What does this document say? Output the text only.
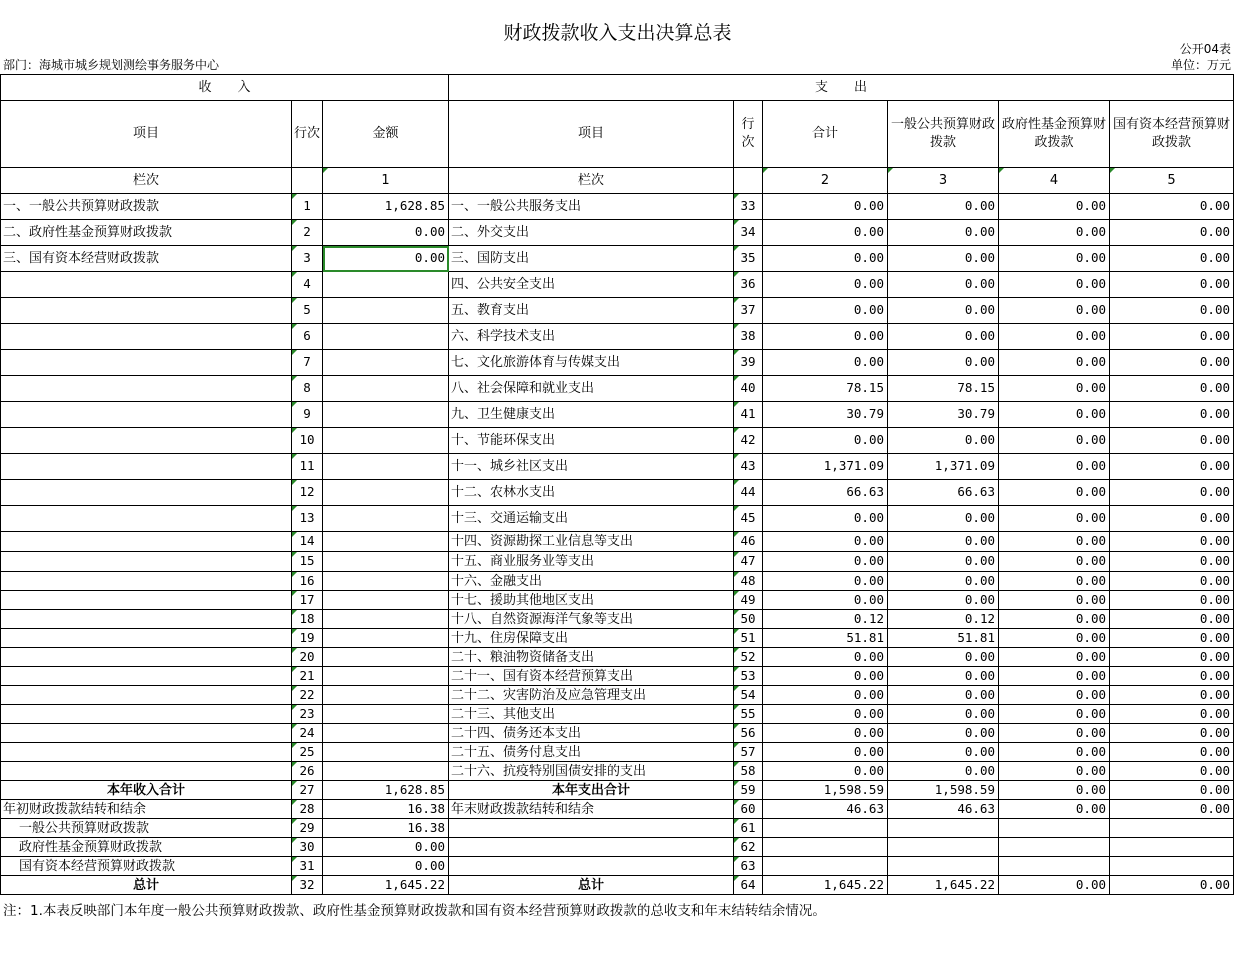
财政拨款收入支出决算总表
部门：海城市城乡规划测绘事务服务中心
公开04表
单位：万元
收　　入			支　　出					
项目	行次	金额	项目	行次	合计	一般公共预算财政拨款	政府性基金预算财政拨款	国有资本经营预算财政拨款
栏次		1	栏次		2	3	4	5
一、一般公共预算财政拨款	1	1,628.85	一、一般公共服务支出	33	0.00	0.00	0.00	0.00
二、政府性基金预算财政拨款	2	0.00	二、外交支出	34	0.00	0.00	0.00	0.00
三、国有资本经营财政拨款	3	0.00	三、国防支出	35	0.00	0.00	0.00	0.00
	4		四、公共安全支出	36	0.00	0.00	0.00	0.00
	5		五、教育支出	37	0.00	0.00	0.00	0.00
	6		六、科学技术支出	38	0.00	0.00	0.00	0.00
	7		七、文化旅游体育与传媒支出	39	0.00	0.00	0.00	0.00
	8		八、社会保障和就业支出	40	78.15	78.15	0.00	0.00
	9		九、卫生健康支出	41	30.79	30.79	0.00	0.00
	10		十、节能环保支出	42	0.00	0.00	0.00	0.00
	11		十一、城乡社区支出	43	1,371.09	1,371.09	0.00	0.00
	12		十二、农林水支出	44	66.63	66.63	0.00	0.00
	13		十三、交通运输支出	45	0.00	0.00	0.00	0.00
	14		十四、资源勘探工业信息等支出	46	0.00	0.00	0.00	0.00
	15		十五、商业服务业等支出	47	0.00	0.00	0.00	0.00
	16		十六、金融支出	48	0.00	0.00	0.00	0.00
	17		十七、援助其他地区支出	49	0.00	0.00	0.00	0.00
	18		十八、自然资源海洋气象等支出	50	0.12	0.12	0.00	0.00
	19		十九、住房保障支出	51	51.81	51.81	0.00	0.00
	20		二十、粮油物资储备支出	52	0.00	0.00	0.00	0.00
	21		二十一、国有资本经营预算支出	53	0.00	0.00	0.00	0.00
	22		二十二、灾害防治及应急管理支出	54	0.00	0.00	0.00	0.00
	23		二十三、其他支出	55	0.00	0.00	0.00	0.00
	24		二十四、债务还本支出	56	0.00	0.00	0.00	0.00
	25		二十五、债务付息支出	57	0.00	0.00	0.00	0.00
	26		二十六、抗疫特别国债安排的支出	58	0.00	0.00	0.00	0.00
本年收入合计	27	1,628.85	本年支出合计	59	1,598.59	1,598.59	0.00	0.00
年初财政拨款结转和结余	28	16.38	年末财政拨款结转和结余	60	46.63	46.63	0.00	0.00
一般公共预算财政拨款	29	16.38		61				
政府性基金预算财政拨款	30	0.00		62				
国有资本经营预算财政拨款	31	0.00		63				
总计	32	1,645.22	总计	64	1,645.22	1,645.22	0.00	0.00
注：1.本表反映部门本年度一般公共预算财政拨款、政府性基金预算财政拨款和国有资本经营预算财政拨款的总收支和年末结转结余情况。
